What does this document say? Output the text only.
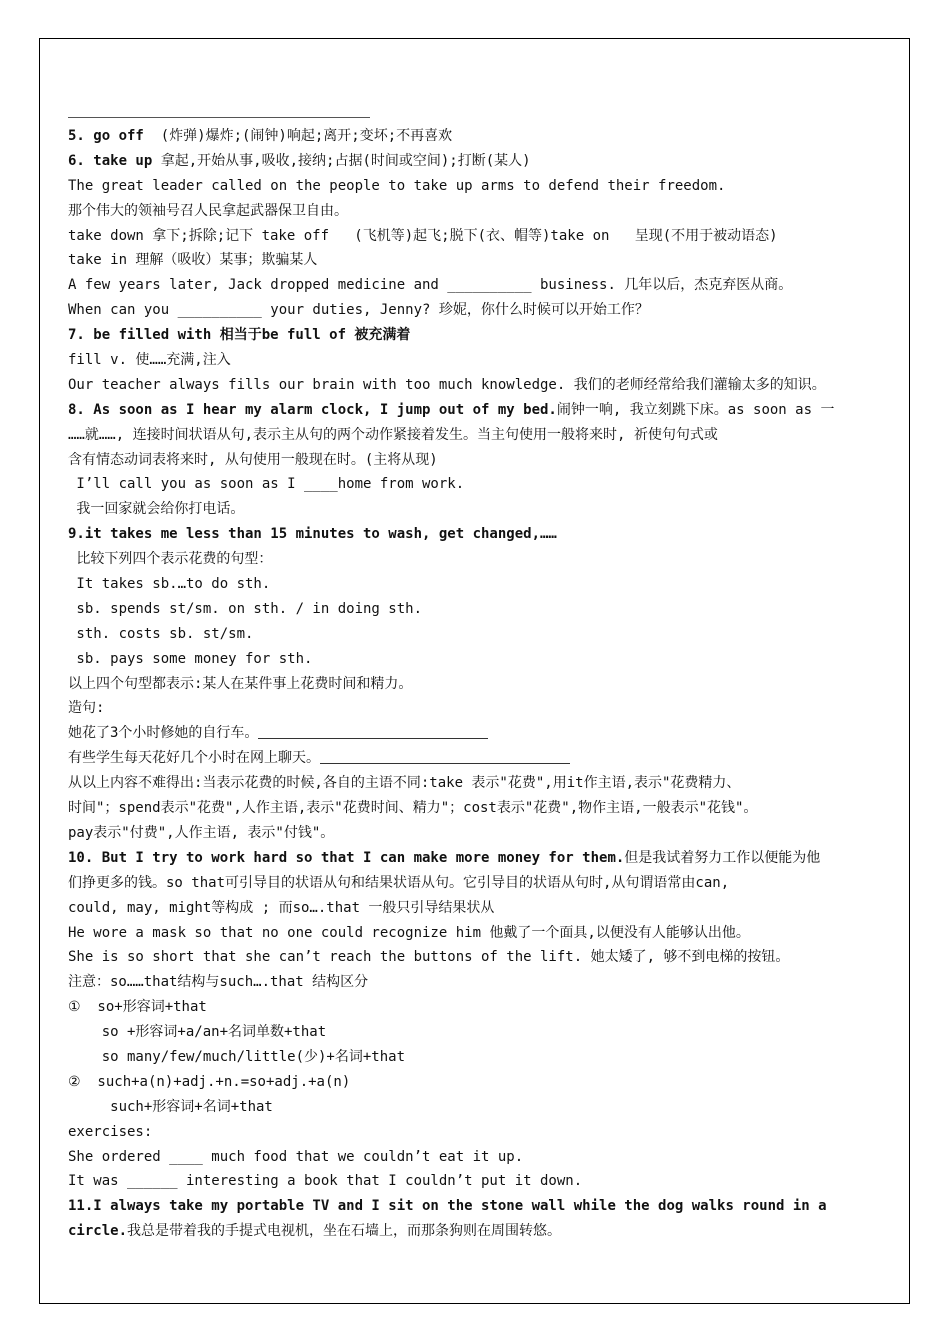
5. go off  (炸弹)爆炸;(闹钟)响起;离开;变坏;不再喜欢
6. take up 拿起,开始从事,吸收,接纳;占据(时间或空间);打断(某人)
The great leader called on the people to take up arms to defend their freedom.
那个伟大的领袖号召人民拿起武器保卫自由。
take down 拿下;拆除;记下 take off   (飞机等)起飞;脱下(衣、帽等)take on   呈现(不用于被动语态)
take in 理解（吸收）某事；欺骗某人
A few years later, Jack dropped medicine and __________ business. 几年以后，杰克弃医从商。
When can you __________ your duties, Jenny? 珍妮，你什么时候可以开始工作？
7. be filled with 相当于be full of 被充满着
fill v. 使……充满,注入
Our teacher always fills our brain with too much knowledge. 我们的老师经常给我们灌输太多的知识。
8. As soon as I hear my alarm clock, I jump out of my bed.闹钟一响, 我立刻跳下床。as soon as 一
……就……, 连接时间状语从句,表示主从句的两个动作紧接着发生。当主句使用一般将来时, 祈使句句式或
含有情态动词表将来时, 从句使用一般现在时。(主将从现)
I’ll call you as soon as I ____home from work.
我一回家就会给你打电话。
9.it takes me less than 15 minutes to wash, get changed,……
比较下列四个表示花费的句型：
It takes sb.…to do sth.
sb. spends st/sm. on sth. / in doing sth.
sth. costs sb. st/sm.
sb. pays some money for sth.
以上四个句型都表示:某人在某件事上花费时间和精力。
造句:
她花了3个小时修她的自行车。
有些学生每天花好几个小时在网上聊天。
从以上内容不难得出:当表示花费的时候,各自的主语不同:take 表示"花费",用it作主语,表示"花费精力、
时间"；spend表示"花费",人作主语,表示"花费时间、精力"；cost表示"花费",物作主语,一般表示"花钱"。
pay表示"付费",人作主语, 表示"付钱"。
10. But I try to work hard so that I can make more money for them.但是我试着努力工作以便能为他
们挣更多的钱。so that可引导目的状语从句和结果状语从句。它引导目的状语从句时,从句谓语常由can,
could, may, might等构成 ; 而so….that 一般只引导结果状从
He wore a mask so that no one could recognize him 他戴了一个面具,以便没有人能够认出他。
She is so short that she can’t reach the buttons of the lift. 她太矮了, 够不到电梯的按钮。
注意：so……that结构与such….that 结构区分
①  so+形容词+that
so +形容词+a/an+名词单数+that
so many/few/much/little(少)+名词+that
②  such+a(n)+adj.+n.=so+adj.+a(n)
such+形容词+名词+that
exercises:
She ordered ____ much food that we couldn’t eat it up.
It was ______ interesting a book that I couldn’t put it down.
11.I always take my portable TV and I sit on the stone wall while the dog walks round in a
circle.我总是带着我的手提式电视机，坐在石墙上，而那条狗则在周围转悠。
